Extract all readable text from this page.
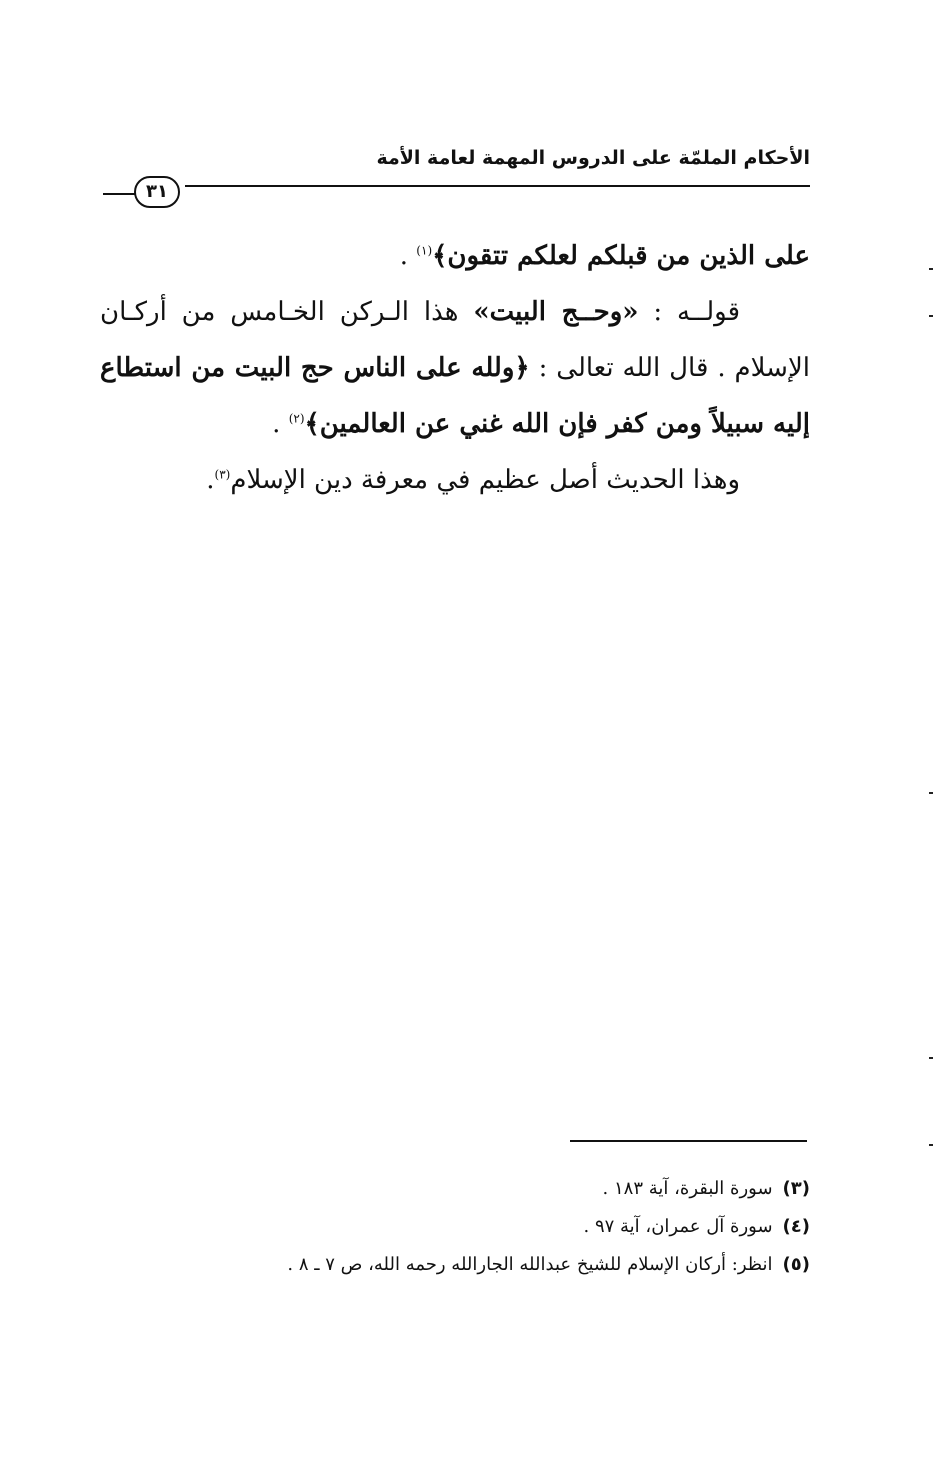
الأحكام الملمّة على الدروس المهمة لعامة الأمة
٣١
على الذين من قبلكم لعلكم تتقون﴾$^{(١)}$ .
قولــه : «وحــج البيت» هذا الـركن الخـامس من أركـان
الإسلام . قال الله تعالى : ﴿ولله على الناس حج البيت من استطاع
إليه سبيلاً ومن كفر فإن الله غني عن العالمين﴾$^{(٢)}$ .
وهذا الحديث أصل عظيم في معرفة دين الإسلام$^{(٣)}$.
(٣)سورة البقرة، آية ١٨٣ .
(٤)سورة آل عمران، آية ٩٧ .
(٥)انظر: أركان الإسلام للشيخ عبدالله الجارالله رحمه الله، ص ٧ ـ ٨ .
